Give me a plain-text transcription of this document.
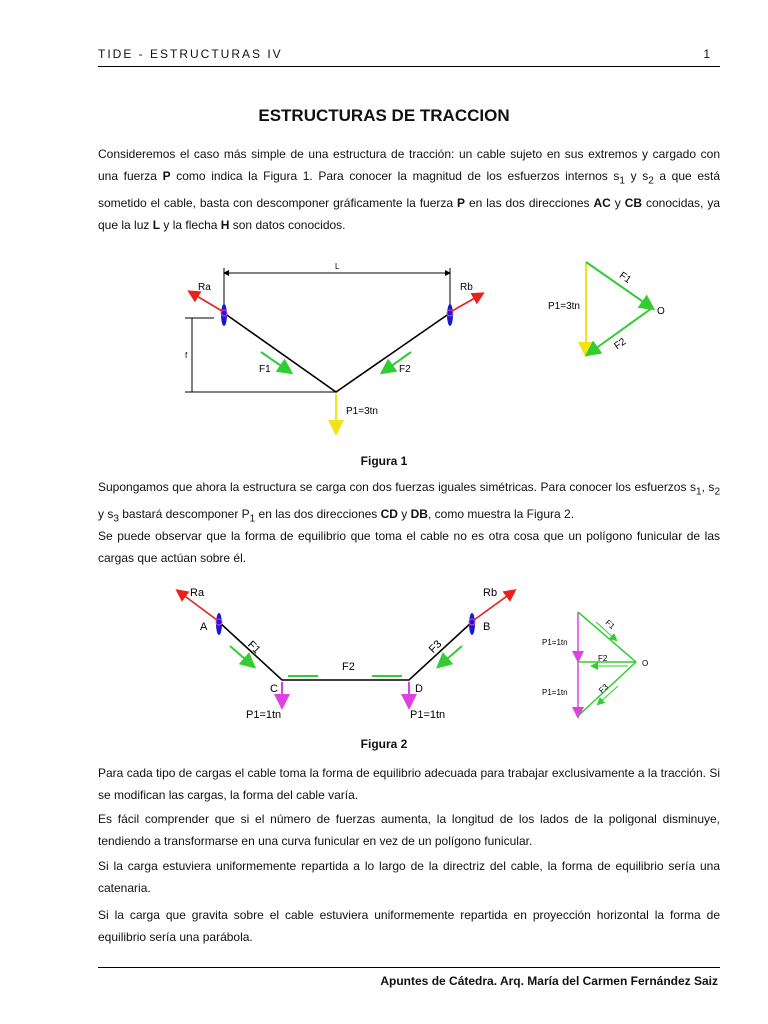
TIDE - ESTRUCTURAS IV	1
ESTRUCTURAS DE TRACCION
Consideremos el caso más simple de una estructura de tracción: un cable sujeto en sus extremos y cargado con una fuerza P como indica la Figura 1. Para conocer la magnitud de los esfuerzos internos $s_1$ y $s_2$ a que está sometido el cable, basta con descomponer gráficamente la fuerza P en las dos direcciones AC y CB conocidas, ya que la luz L y la flecha H son datos conocidos.
L
f
Ra	Rb
F1	F2
P1=3tn
P1=3tn
F1
F2
O
Figura 1
Supongamos que ahora la estructura se carga con dos fuerzas iguales simétricas. Para conocer los esfuerzos $s_1$, $s_2$ y $s_3$ bastará descomponer $P_1$ en las dos direcciones CD y DB, como muestra la Figura 2.
Se puede observar que la forma de equilibrio que toma el cable no es otra cosa que un polígono funicular de las cargas que actúan sobre él.
Ra	Rb
A	B
C	D
F1
F2
F3
P1=1tn	P1=1tn
P1=1tn
P1=1tn
F1
F2
F3
O
Figura 2
Para cada tipo de cargas el cable toma la forma de equilibrio adecuada para trabajar exclusivamente a la tracción. Si se modifican las cargas, la forma del cable varía.
Es fácil comprender que si el número de fuerzas aumenta, la longitud de los lados de la poligonal disminuye, tendiendo a transformarse en una curva funicular en vez de un polígono funicular.
Si la carga estuviera uniformemente repartida a lo largo de la directriz del cable, la forma de equilibrio sería una catenaria.
Si la carga que gravita sobre el cable estuviera uniformemente repartida en proyección horizontal la forma de equilibrio sería una parábola.
Apuntes de Cátedra. Arq. María del Carmen Fernández Saiz
